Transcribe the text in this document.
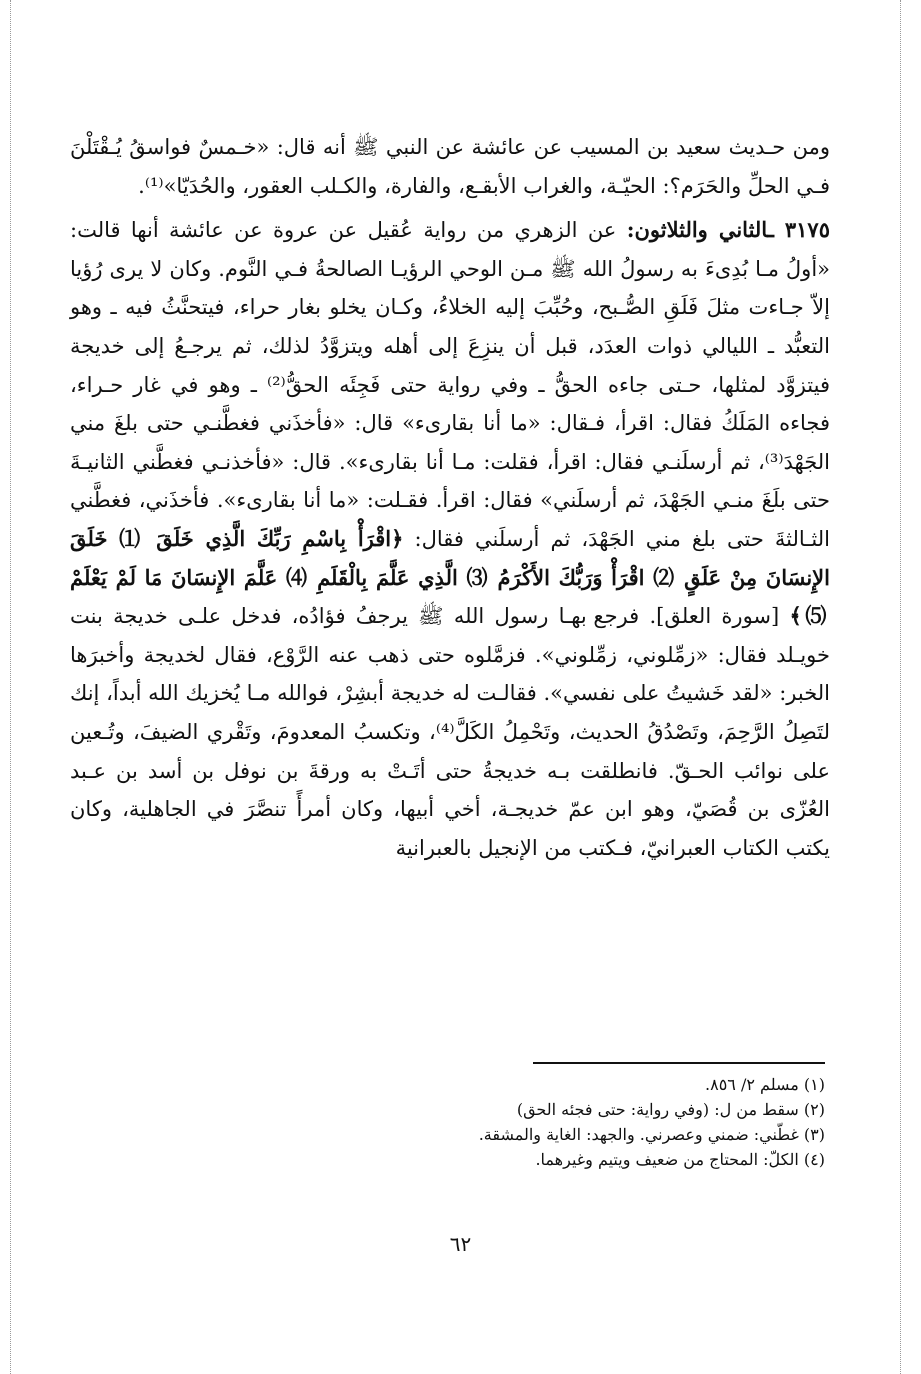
ومن حـديث سعيد بن المسيب عن عائشة عن النبي ﷺ أنه قال: «خـمسٌ فواسقُ يُـقْتَلْنَ فـي الحلِّ والحَرَم؟: الحيّـة، والغراب الأبقـع، والفارة، والكـلب العقور، والحُدَيّا»⁽¹⁾.

٣١٧٥ ـالثاني والثلاثون: عن الزهري من رواية عُقيل عن عروة عن عائشة أنها قالت: «أولُ مـا بُدِىءَ به رسولُ الله ﷺ مـن الوحي الرؤيـا الصالحةُ فـي النَّوم. وكان لا يرى رُؤيا إلاّ جـاءت مثلَ فَلَقِ الصُّـبح، وحُبِّبَ إليه الخلاءُ، وكـان يخلو بغار حراء، فيتحنَّثُ فيه ـ وهو التعبُّد ـ الليالي ذوات العدَد، قبل أن ينزِعَ إلى أهله ويتزوَّدُ لذلك، ثم يرجـعُ إلى خديجة فيتزوَّد لمثلها، حـتى جاءه الحقُّ ـ وفي رواية حتى فَجِئَه الحقُّ⁽²⁾ ـ وهو في غار حـراء، فجاءه المَلَكُ فقال: اقرأ، فـقال: «ما أنا بقارىء» قال: «فأخذَني فغطَّنـي حتى بلغَ مني الجَهْدَ⁽³⁾، ثم أرسلَنـي فقال: اقرأ، فقلت: مـا أنا بقارىء». قال: «فأخذنـي فغطَّني الثانيـةَ حتى بلَغَ منـي الجَهْدَ، ثم أرسلَني» فقال: اقرأ. فقـلت: «ما أنا بقارىء». فأخذَني، فغطَّني الثـالثةَ حتى بلغ مني الجَهْدَ، ثم أرسلَني فقال: ﴿اقْرَأْ بِاسْمِ رَبِّكَ الَّذِي خَلَقَ ⑴ خَلَقَ الإِنسَانَ مِنْ عَلَقٍ ⑵ اقْرَأْ وَرَبُّكَ الأَكْرَمُ ⑶ الَّذِي عَلَّمَ بِالْقَلَمِ ⑷ عَلَّمَ الإِنسَانَ مَا لَمْ يَعْلَمْ ⑸﴾ [سورة العلق]. فرجع بهـا رسول الله ﷺ يرجفُ فؤادُه، فدخل علـى خديجة بنت خويـلد فقال: «زمِّلوني، زمِّلوني». فزمَّلوه حتى ذهب عنه الرَّوْع، فقال لخديجة وأخبرَها الخبر: «لقد خَشيتُ على نفسي». فقالـت له خديجة أبشِرْ، فوالله مـا يُخزيك الله أبداً، إنك لتَصِلُ الرَّحِمَ، وتَصْدُقُ الحديث، وتَحْمِلُ الكَلَّ⁽⁴⁾، وتكسبُ المعدومَ، وتَقْري الضيفَ، وتُـعين على نوائب الحـقّ. فانطلقت بـه خديجةُ حتى أتَـتْ به ورقةَ بن نوفل بن أسد بن عـبد العُزّى بن قُصَيّ، وهو ابن عمّ خديجـة، أخي أبيها، وكان أمرأً تنصَّرَ في الجاهلية، وكان يكتب الكتاب العبرانيّ، فـكتب من الإنجيل بالعبرانية

(١) مسلم ٢/ ٨٥٦.

(٢) سقط من ل: (وفي رواية: حتى فجئه الحق)

(٣) غطّني: ضمني وعصرني. والجهد: الغاية والمشقة.

(٤) الكلّ: المحتاج من ضعيف ويتيم وغيرهما.

٦٢
